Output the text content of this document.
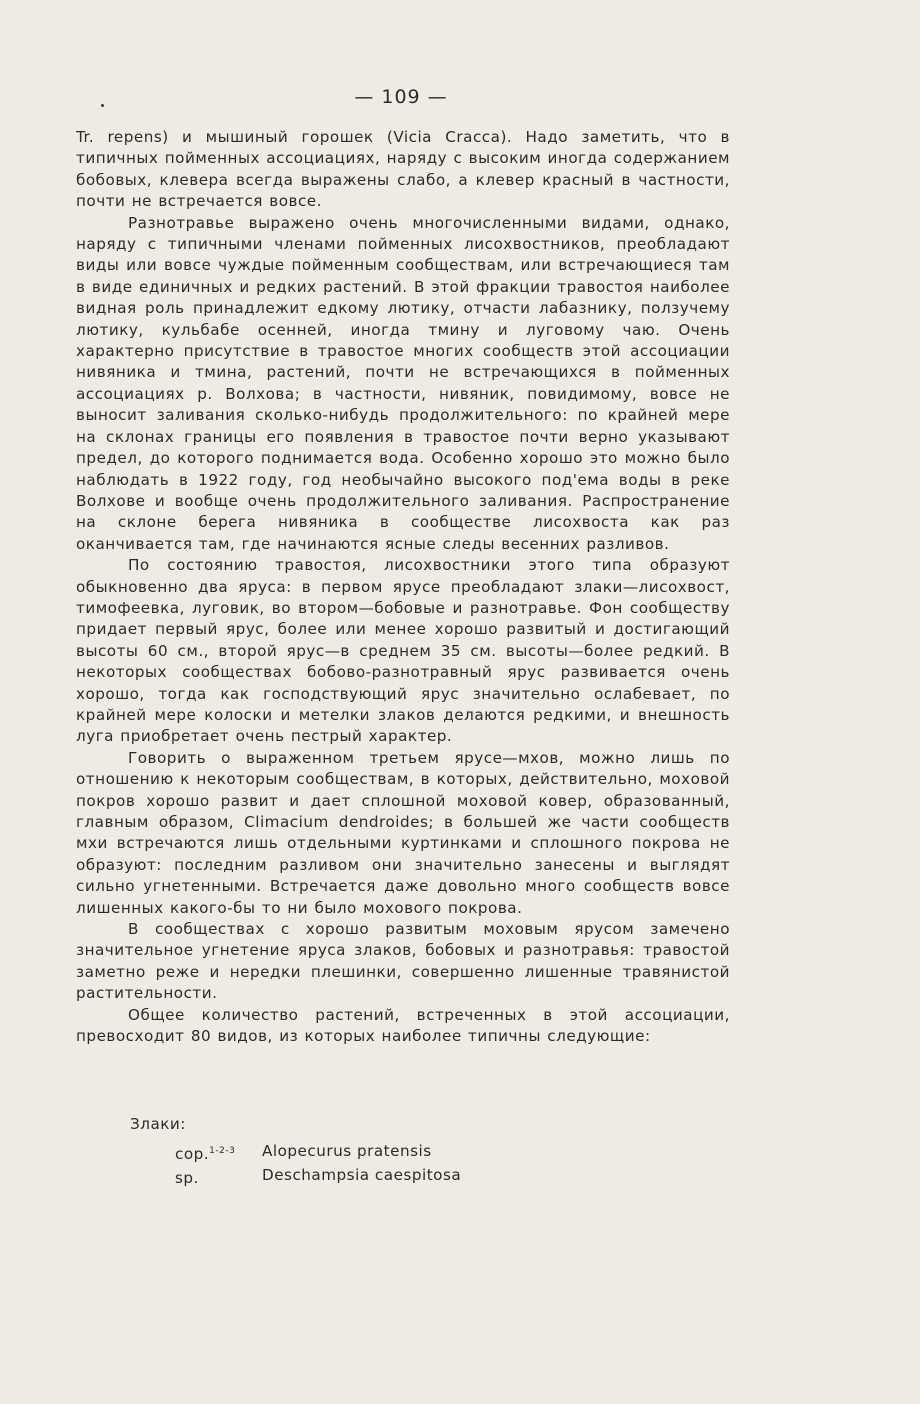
— 109 —

Tr. repens) и мышиный горошек (Vicia Cracca). Надо заметить, что в типичных пойменных ассоциациях, наряду с высоким иногда содержанием бобовых, клевера всегда выражены слабо, а клевер красный в частности, почти не встречается вовсе.

Разнотравье выражено очень многочисленными видами, однако, наряду с типичными членами пойменных лисохвостников, преобладают виды или вовсе чуждые пойменным сообществам, или встречающиеся там в виде единичных и редких растений. В этой фракции травостоя наиболее видная роль принадлежит едкому лютику, отчасти лабазнику, ползучему лютику, кульбабе осенней, иногда тмину и луговому чаю. Очень характерно присутствие в травостое многих сообществ этой ассоциации нивяника и тмина, растений, почти не встречающихся в пойменных ассоциациях р. Волхова; в частности, нивяник, повидимому, вовсе не выносит заливания сколько-нибудь продолжительного: по крайней мере на склонах границы его появления в травостое почти верно указывают предел, до которого поднимается вода. Особенно хорошо это можно было наблюдать в 1922 году, год необычайно высокого под'ема воды в реке Волхове и вообще очень продолжительного заливания. Распространение на склоне берега нивяника в сообществе лисохвоста как раз оканчивается там, где начинаются ясные следы весенних разливов.

По состоянию травостоя, лисохвостники этого типа образуют обыкновенно два яруса: в первом ярусе преобладают злаки—лисохвост, тимофеевка, луговик, во втором—бобовые и разнотравье. Фон сообществу придает первый ярус, более или менее хорошо развитый и достигающий высоты 60 см., второй ярус—в среднем 35 см. высоты—более редкий. В некоторых сообществах бобово-разнотравный ярус развивается очень хорошо, тогда как господствующий ярус значительно ослабевает, по крайней мере колоски и метелки злаков делаются редкими, и внешность луга приобретает очень пестрый характер.

Говорить о выраженном третьем ярусе—мхов, можно лишь по отношению к некоторым сообществам, в которых, действительно, моховой покров хорошо развит и дает сплошной моховой ковер, образованный, главным образом, Climacium dendroides; в большей же части сообществ мхи встречаются лишь отдельными куртинками и сплошного покрова не образуют: последним разливом они значительно занесены и выглядят сильно угнетенными. Встречается даже довольно много сообществ вовсе лишенных какого-бы то ни было мохового покрова.

В сообществах с хорошо развитым моховым ярусом замечено значительное угнетение яруса злаков, бобовых и разнотравья: травостой заметно реже и нередки плешинки, совершенно лишенные травянистой растительности.

Общее количество растений, встреченных в этой ассоциации, превосходит 80 видов, из которых наиболее типичны следующие:

Злаки:
cop.$^{1-2-3}$	Alopecurus pratensis
sp.	Deschampsia caespitosa
